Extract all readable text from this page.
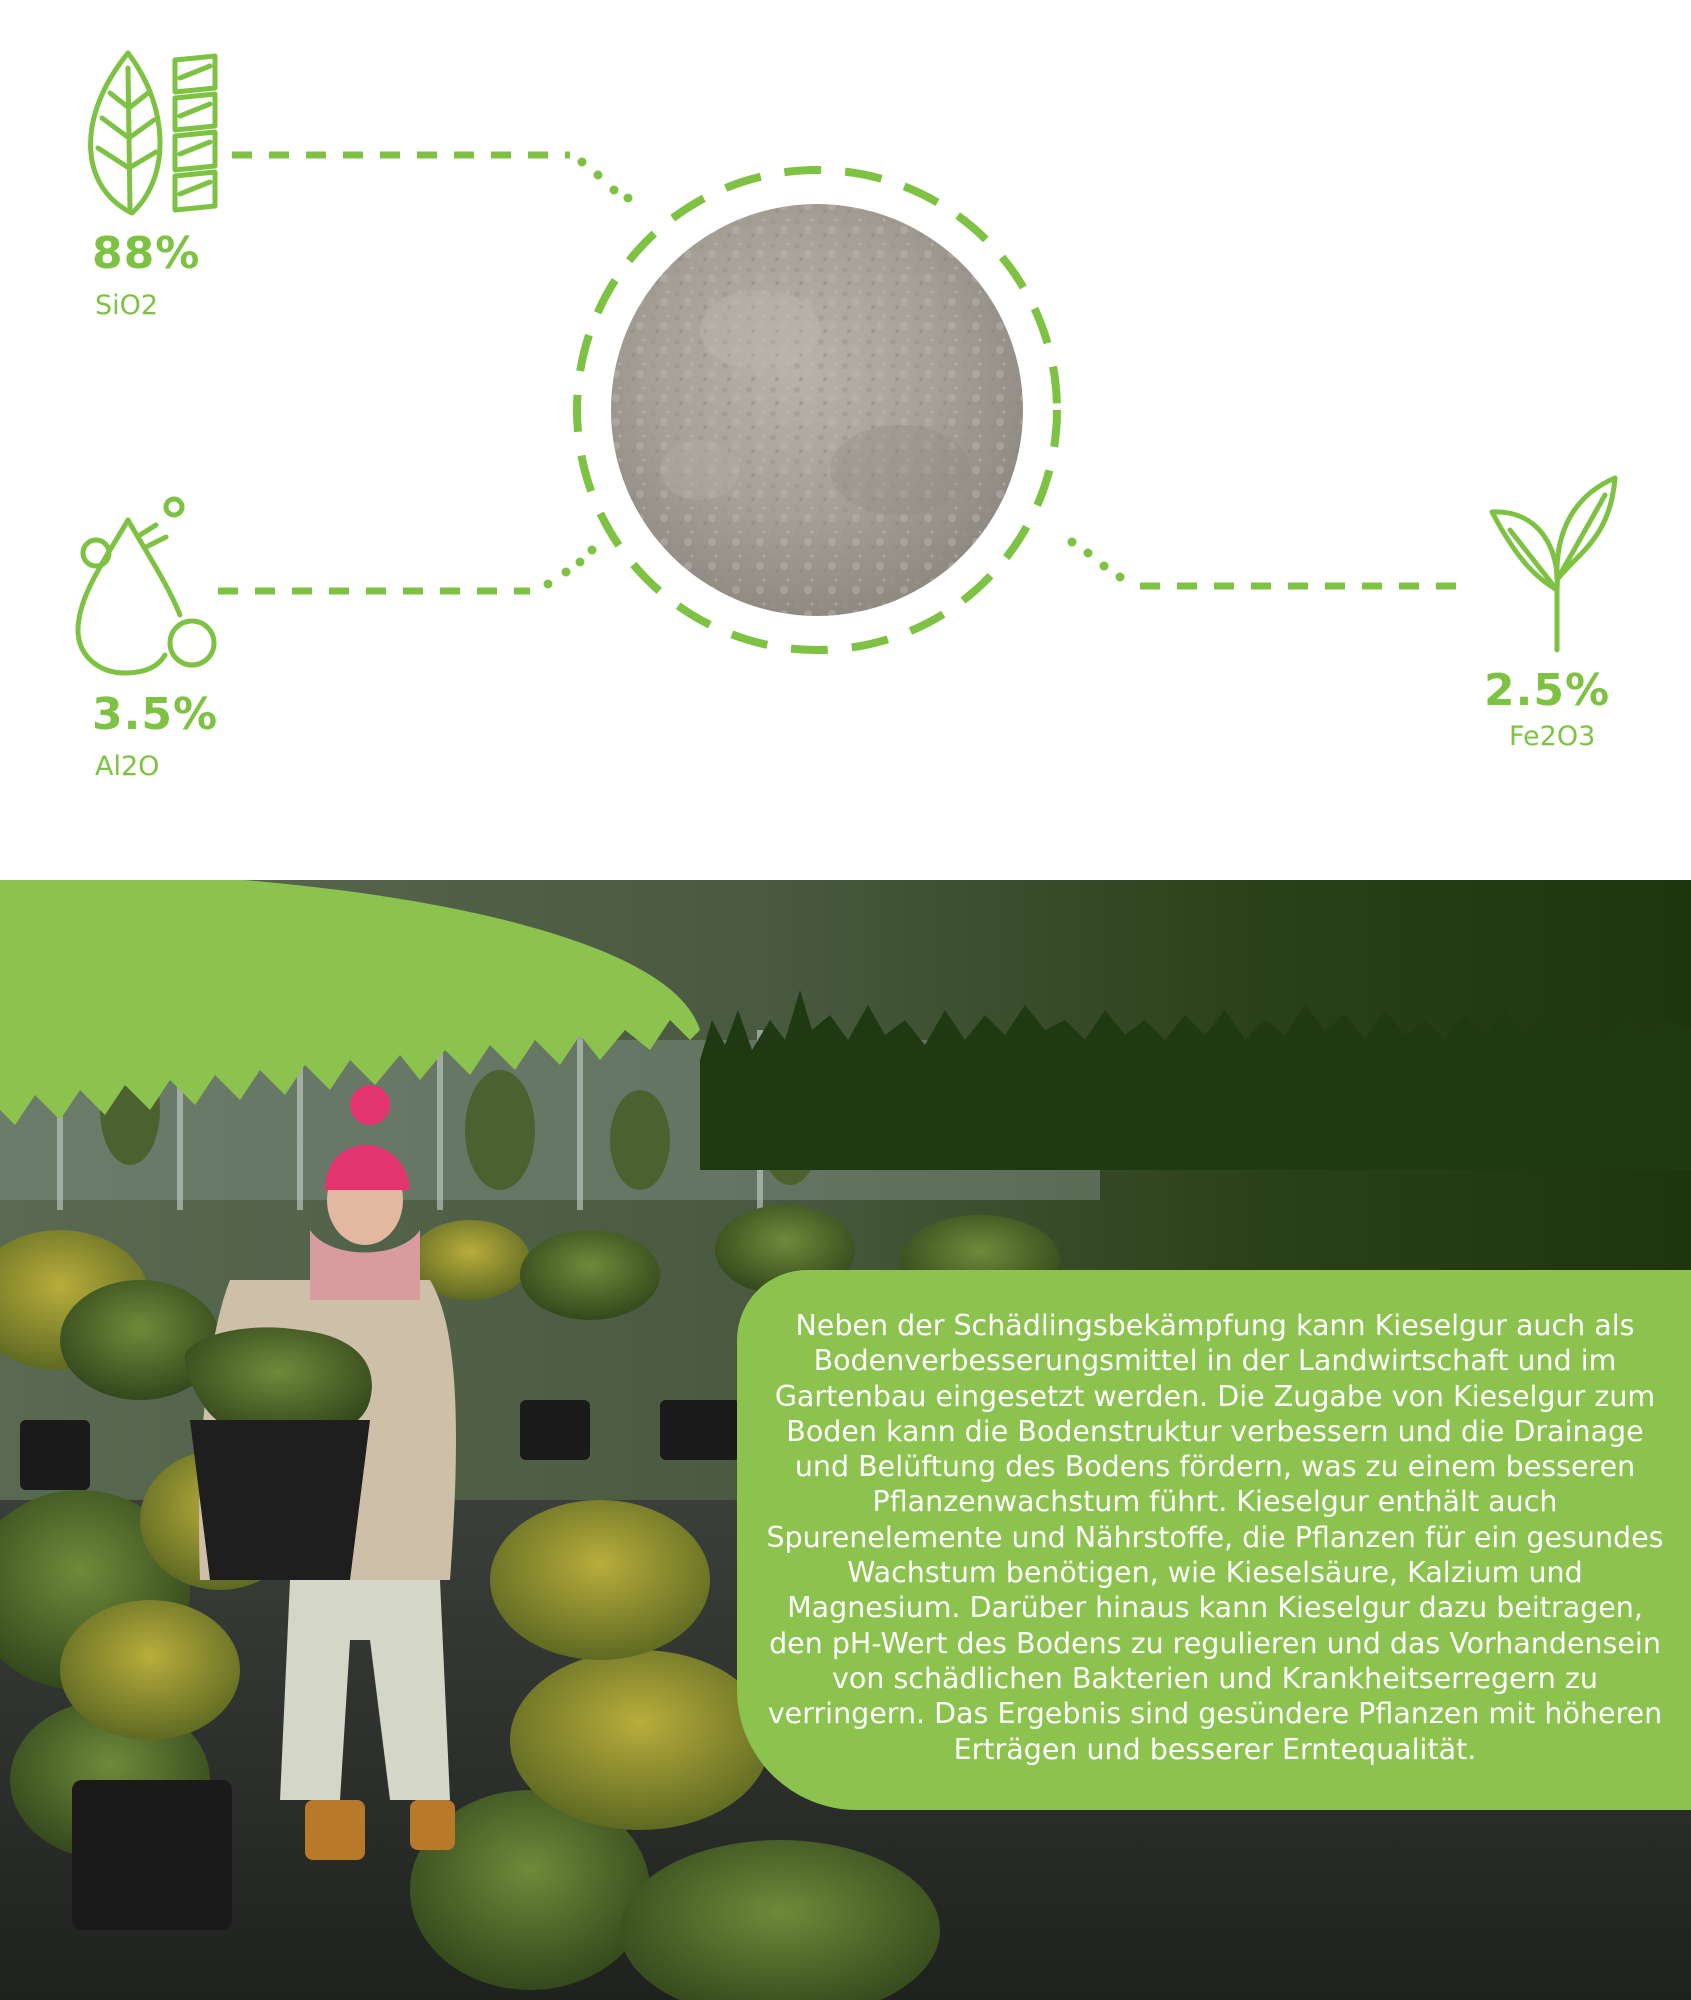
88%
SiO2
3.5%
Al2O
2.5%
Fe2O3
Neben der Schädlingsbekämpfung kann Kieselgur auch als Bodenverbesserungsmittel in der Landwirtschaft und im Gartenbau eingesetzt werden. Die Zugabe von Kieselgur zum Boden kann die Bodenstruktur verbessern und die Drainage und Belüftung des Bodens fördern, was zu einem besseren Pflanzenwachstum führt. Kieselgur enthält auch Spurenelemente und Nährstoffe, die Pflanzen für ein gesundes Wachstum benötigen, wie Kieselsäure, Kalzium und Magnesium. Darüber hinaus kann Kieselgur dazu beitragen, den pH-Wert des Bodens zu regulieren und das Vorhandensein von schädlichen Bakterien und Krankheitserregern zu verringern. Das Ergebnis sind gesündere Pflanzen mit höheren Erträgen und besserer Erntequalität.
